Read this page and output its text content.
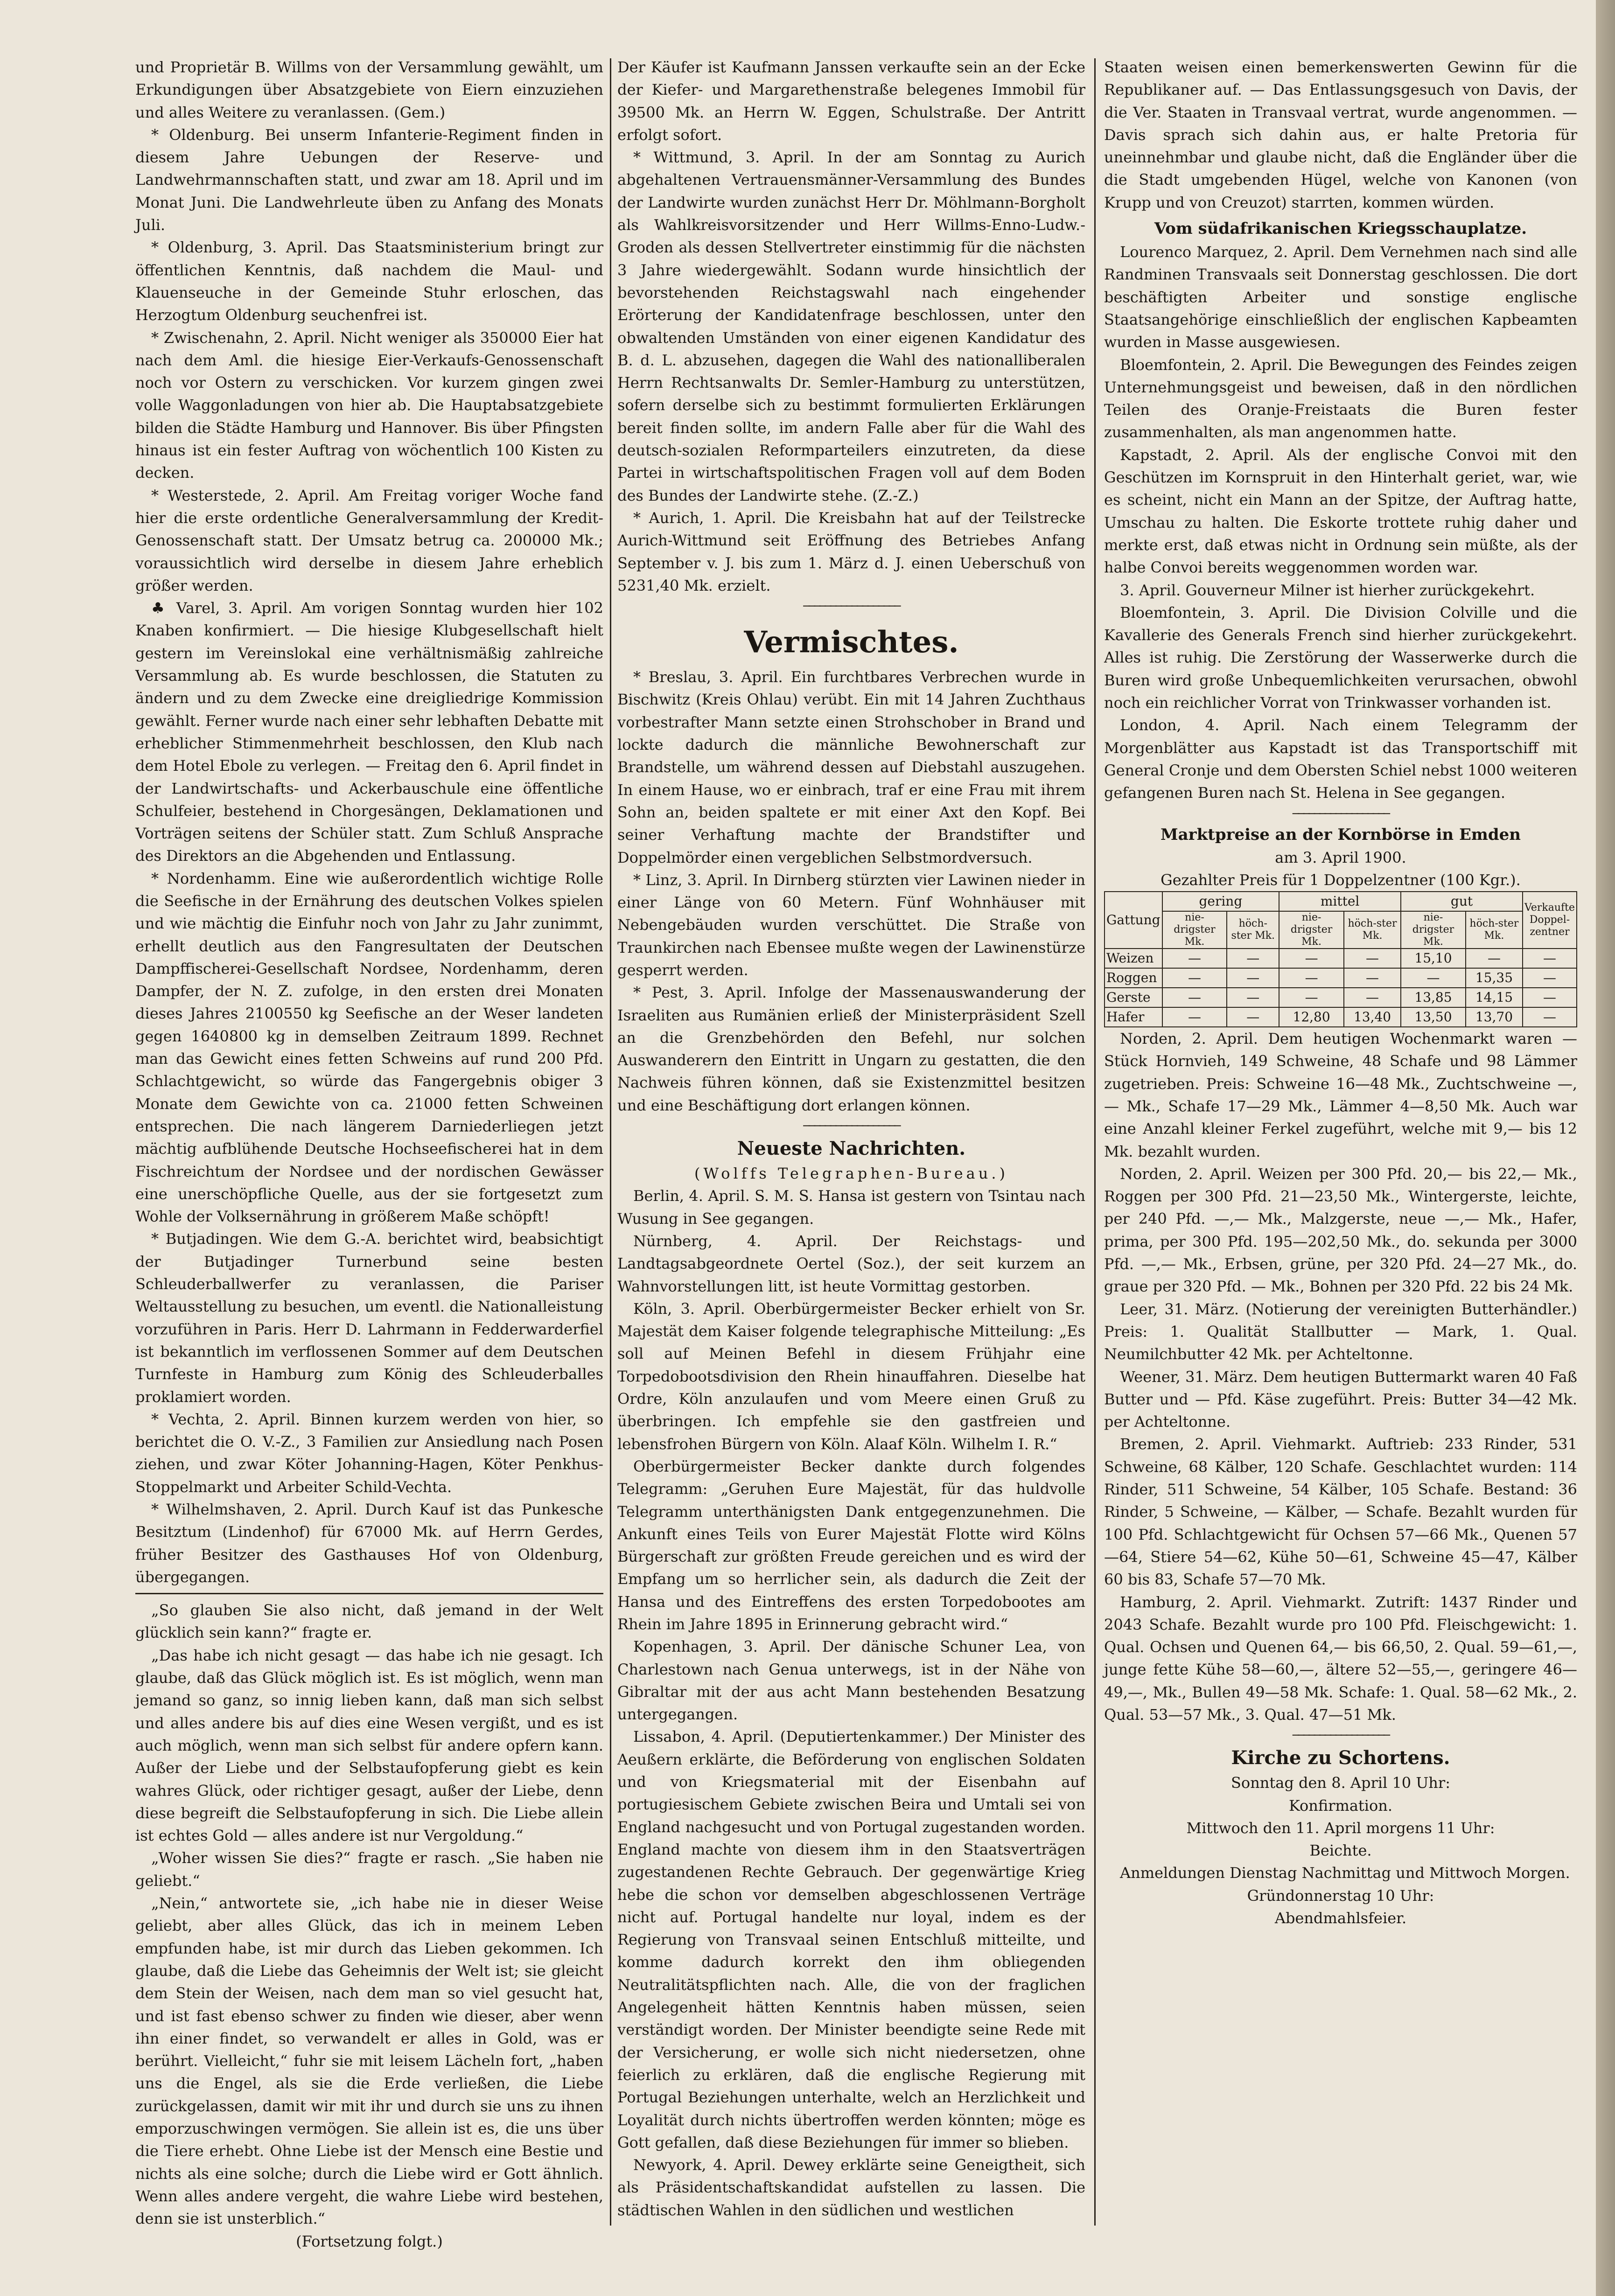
und Proprietär B. Willms von der Versammlung gewählt, um Erkundigungen über Absatzgebiete von Eiern einzuziehen und alles Weitere zu veranlassen. (Gem.)

* Oldenburg. Bei unserm Infanterie-Regiment finden in diesem Jahre Uebungen der Reserve- und Landwehrmannschaften statt, und zwar am 18. April und im Monat Juni. Die Landwehrleute üben zu Anfang des Monats Juli.

* Oldenburg, 3. April. Das Staatsministerium bringt zur öffentlichen Kenntnis, daß nachdem die Maul- und Klauenseuche in der Gemeinde Stuhr erloschen, das Herzogtum Oldenburg seuchenfrei ist.

* Zwischenahn, 2. April. Nicht weniger als 350000 Eier hat nach dem Aml. die hiesige Eier-Verkaufs-Genossenschaft noch vor Ostern zu verschicken. Vor kurzem gingen zwei volle Waggonladungen von hier ab. Die Hauptabsatzgebiete bilden die Städte Hamburg und Hannover. Bis über Pfingsten hinaus ist ein fester Auftrag von wöchentlich 100 Kisten zu decken.

* Westerstede, 2. April. Am Freitag voriger Woche fand hier die erste ordentliche Generalversammlung der Kredit-Genossenschaft statt. Der Umsatz betrug ca. 200000 Mk.; voraussichtlich wird derselbe in diesem Jahre erheblich größer werden.

♣ Varel, 3. April. Am vorigen Sonntag wurden hier 102 Knaben konfirmiert. — Die hiesige Klubgesellschaft hielt gestern im Vereinslokal eine verhältnismäßig zahlreiche Versammlung ab. Es wurde beschlossen, die Statuten zu ändern und zu dem Zwecke eine dreigliedrige Kommission gewählt. Ferner wurde nach einer sehr lebhaften Debatte mit erheblicher Stimmenmehrheit beschlossen, den Klub nach dem Hotel Ebole zu verlegen. — Freitag den 6. April findet in der Landwirtschafts- und Ackerbauschule eine öffentliche Schulfeier, bestehend in Chorgesängen, Deklamationen und Vorträgen seitens der Schüler statt. Zum Schluß Ansprache des Direktors an die Abgehenden und Entlassung.

* Nordenhamm. Eine wie außerordentlich wichtige Rolle die Seefische in der Ernährung des deutschen Volkes spielen und wie mächtig die Einfuhr noch von Jahr zu Jahr zunimmt, erhellt deutlich aus den Fangresultaten der Deutschen Dampffischerei-Gesellschaft Nordsee, Nordenhamm, deren Dampfer, der N. Z. zufolge, in den ersten drei Monaten dieses Jahres 2100550 kg Seefische an der Weser landeten gegen 1640800 kg in demselben Zeitraum 1899. Rechnet man das Gewicht eines fetten Schweins auf rund 200 Pfd. Schlachtgewicht, so würde das Fangergebnis obiger 3 Monate dem Gewichte von ca. 21000 fetten Schweinen entsprechen. Die nach längerem Darniederliegen jetzt mächtig aufblühende Deutsche Hochseefischerei hat in dem Fischreichtum der Nordsee und der nordischen Gewässer eine unerschöpfliche Quelle, aus der sie fortgesetzt zum Wohle der Volksernährung in größerem Maße schöpft!

* Butjadingen. Wie dem G.-A. berichtet wird, beabsichtigt der Butjadinger Turnerbund seine besten Schleuderballwerfer zu veranlassen, die Pariser Weltausstellung zu besuchen, um eventl. die Nationalleistung vorzuführen in Paris. Herr D. Lahrmann in Fedderwarderfiel ist bekanntlich im verflossenen Sommer auf dem Deutschen Turnfeste in Hamburg zum König des Schleuderballes proklamiert worden.

* Vechta, 2. April. Binnen kurzem werden von hier, so berichtet die O. V.-Z., 3 Familien zur Ansiedlung nach Posen ziehen, und zwar Köter Johanning-Hagen, Köter Penkhus-Stoppelmarkt und Arbeiter Schild-Vechta.

* Wilhelmshaven, 2. April. Durch Kauf ist das Punkesche Besitztum (Lindenhof) für 67000 Mk. auf Herrn Gerdes, früher Besitzer des Gasthauses Hof von Oldenburg, übergegangen.

„So glauben Sie also nicht, daß jemand in der Welt glücklich sein kann?“ fragte er.

„Das habe ich nicht gesagt — das habe ich nie gesagt. Ich glaube, daß das Glück möglich ist. Es ist möglich, wenn man jemand so ganz, so innig lieben kann, daß man sich selbst und alles andere bis auf dies eine Wesen vergißt, und es ist auch möglich, wenn man sich selbst für andere opfern kann. Außer der Liebe und der Selbstaufopferung giebt es kein wahres Glück, oder richtiger gesagt, außer der Liebe, denn diese begreift die Selbstaufopferung in sich. Die Liebe allein ist echtes Gold — alles andere ist nur Vergoldung.“

„Woher wissen Sie dies?“ fragte er rasch. „Sie haben nie geliebt.“

„Nein,“ antwortete sie, „ich habe nie in dieser Weise geliebt, aber alles Glück, das ich in meinem Leben empfunden habe, ist mir durch das Lieben gekommen. Ich glaube, daß die Liebe das Geheimnis der Welt ist; sie gleicht dem Stein der Weisen, nach dem man so viel gesucht hat, und ist fast ebenso schwer zu finden wie dieser, aber wenn ihn einer findet, so verwandelt er alles in Gold, was er berührt. Vielleicht,“ fuhr sie mit leisem Lächeln fort, „haben uns die Engel, als sie die Erde verließen, die Liebe zurückgelassen, damit wir mit ihr und durch sie uns zu ihnen emporzuschwingen vermögen. Sie allein ist es, die uns über die Tiere erhebt. Ohne Liebe ist der Mensch eine Bestie und nichts als eine solche; durch die Liebe wird er Gott ähnlich. Wenn alles andere vergeht, die wahre Liebe wird bestehen, denn sie ist unsterblich.“

(Fortsetzung folgt.)

Der Käufer ist Kaufmann Janssen verkaufte sein an der Ecke der Kiefer- und Margarethenstraße belegenes Immobil für 39500 Mk. an Herrn W. Eggen, Schulstraße. Der Antritt erfolgt sofort.

* Wittmund, 3. April. In der am Sonntag zu Aurich abgehaltenen Vertrauensmänner-Versammlung des Bundes der Landwirte wurden zunächst Herr Dr. Möhlmann-Borgholt als Wahlkreisvorsitzender und Herr Willms-Enno-Ludw.-Groden als dessen Stellvertreter einstimmig für die nächsten 3 Jahre wiedergewählt. Sodann wurde hinsichtlich der bevorstehenden Reichstagswahl nach eingehender Erörterung der Kandidatenfrage beschlossen, unter den obwaltenden Umständen von einer eigenen Kandidatur des B. d. L. abzusehen, dagegen die Wahl des nationalliberalen Herrn Rechtsanwalts Dr. Semler-Hamburg zu unterstützen, sofern derselbe sich zu bestimmt formulierten Erklärungen bereit finden sollte, im andern Falle aber für die Wahl des deutsch-sozialen Reformparteilers einzutreten, da diese Partei in wirtschaftspolitischen Fragen voll auf dem Boden des Bundes der Landwirte stehe. (Z.-Z.)

* Aurich, 1. April. Die Kreisbahn hat auf der Teilstrecke Aurich-Wittmund seit Eröffnung des Betriebes Anfang September v. J. bis zum 1. März d. J. einen Ueberschuß von 5231,40 Mk. erzielt.

──────────────────
Vermischtes.

* Breslau, 3. April. Ein furchtbares Verbrechen wurde in Bischwitz (Kreis Ohlau) verübt. Ein mit 14 Jahren Zuchthaus vorbestrafter Mann setzte einen Strohschober in Brand und lockte dadurch die männliche Bewohnerschaft zur Brandstelle, um während dessen auf Diebstahl auszugehen. In einem Hause, wo er einbrach, traf er eine Frau mit ihrem Sohn an, beiden spaltete er mit einer Axt den Kopf. Bei seiner Verhaftung machte der Brandstifter und Doppelmörder einen vergeblichen Selbstmordversuch.

* Linz, 3. April. In Dirnberg stürzten vier Lawinen nieder in einer Länge von 60 Metern. Fünf Wohnhäuser mit Nebengebäuden wurden verschüttet. Die Straße von Traunkirchen nach Ebensee mußte wegen der Lawinenstürze gesperrt werden.

* Pest, 3. April. Infolge der Massenauswanderung der Israeliten aus Rumänien erließ der Ministerpräsident Szell an die Grenzbehörden den Befehl, nur solchen Auswanderern den Eintritt in Ungarn zu gestatten, die den Nachweis führen können, daß sie Existenzmittel besitzen und eine Beschäftigung dort erlangen können.

──────────────────
Neueste Nachrichten.

(Wolffs Telegraphen-Bureau.)

Berlin, 4. April. S. M. S. Hansa ist gestern von Tsintau nach Wusung in See gegangen.

Nürnberg, 4. April. Der Reichstags- und Landtagsabgeordnete Oertel (Soz.), der seit kurzem an Wahnvorstellungen litt, ist heute Vormittag gestorben.

Köln, 3. April. Oberbürgermeister Becker erhielt von Sr. Majestät dem Kaiser folgende telegraphische Mitteilung: „Es soll auf Meinen Befehl in diesem Frühjahr eine Torpedobootsdivision den Rhein hinauffahren. Dieselbe hat Ordre, Köln anzulaufen und vom Meere einen Gruß zu überbringen. Ich empfehle sie den gastfreien und lebensfrohen Bürgern von Köln. Alaaf Köln. Wilhelm I. R.“

Oberbürgermeister Becker dankte durch folgendes Telegramm: „Geruhen Eure Majestät, für das huldvolle Telegramm unterthänigsten Dank entgegenzunehmen. Die Ankunft eines Teils von Eurer Majestät Flotte wird Kölns Bürgerschaft zur größten Freude gereichen und es wird der Empfang um so herrlicher sein, als dadurch die Zeit der Hansa und des Eintreffens des ersten Torpedobootes am Rhein im Jahre 1895 in Erinnerung gebracht wird.“

Kopenhagen, 3. April. Der dänische Schuner Lea, von Charlestown nach Genua unterwegs, ist in der Nähe von Gibraltar mit der aus acht Mann bestehenden Besatzung untergegangen.

Lissabon, 4. April. (Deputiertenkammer.) Der Minister des Aeußern erklärte, die Beförderung von englischen Soldaten und von Kriegsmaterial mit der Eisenbahn auf portugiesischem Gebiete zwischen Beira und Umtali sei von England nachgesucht und von Portugal zugestanden worden. England machte von diesem ihm in den Staatsverträgen zugestandenen Rechte Gebrauch. Der gegenwärtige Krieg hebe die schon vor demselben abgeschlossenen Verträge nicht auf. Portugal handelte nur loyal, indem es der Regierung von Transvaal seinen Entschluß mitteilte, und komme dadurch korrekt den ihm obliegenden Neutralitätspflichten nach. Alle, die von der fraglichen Angelegenheit hätten Kenntnis haben müssen, seien verständigt worden. Der Minister beendigte seine Rede mit der Versicherung, er wolle sich nicht niedersetzen, ohne feierlich zu erklären, daß die englische Regierung mit Portugal Beziehungen unterhalte, welch an Herzlichkeit und Loyalität durch nichts übertroffen werden könnten; möge es Gott gefallen, daß diese Beziehungen für immer so blieben.

Newyork, 4. April. Dewey erklärte seine Geneigtheit, sich als Präsidentschaftskandidat aufstellen zu lassen. Die städtischen Wahlen in den südlichen und westlichen

Staaten weisen einen bemerkenswerten Gewinn für die Republikaner auf. — Das Entlassungsgesuch von Davis, der die Ver. Staaten in Transvaal vertrat, wurde angenommen. — Davis sprach sich dahin aus, er halte Pretoria für uneinnehmbar und glaube nicht, daß die Engländer über die die Stadt umgebenden Hügel, welche von Kanonen (von Krupp und von Creuzot) starrten, kommen würden.

Vom südafrikanischen Kriegsschauplatze.

Lourenco Marquez, 2. April. Dem Vernehmen nach sind alle Randminen Transvaals seit Donnerstag geschlossen. Die dort beschäftigten Arbeiter und sonstige englische Staatsangehörige einschließlich der englischen Kapbeamten wurden in Masse ausgewiesen.

Bloemfontein, 2. April. Die Bewegungen des Feindes zeigen Unternehmungsgeist und beweisen, daß in den nördlichen Teilen des Oranje-Freistaats die Buren fester zusammenhalten, als man angenommen hatte.

Kapstadt, 2. April. Als der englische Convoi mit den Geschützen im Kornspruit in den Hinterhalt geriet, war, wie es scheint, nicht ein Mann an der Spitze, der Auftrag hatte, Umschau zu halten. Die Eskorte trottete ruhig daher und merkte erst, daß etwas nicht in Ordnung sein müßte, als der halbe Convoi bereits weggenommen worden war.

3. April. Gouverneur Milner ist hierher zurückgekehrt.

Bloemfontein, 3. April. Die Division Colville und die Kavallerie des Generals French sind hierher zurückgekehrt. Alles ist ruhig. Die Zerstörung der Wasserwerke durch die Buren wird große Unbequemlichkeiten verursachen, obwohl noch ein reichlicher Vorrat von Trinkwasser vorhanden ist.

London, 4. April. Nach einem Telegramm der Morgenblätter aus Kapstadt ist das Transportschiff mit General Cronje und dem Obersten Schiel nebst 1000 weiteren gefangenen Buren nach St. Helena in See gegangen.

──────────────────
Marktpreise an der Kornbörse in Emden

am 3. April 1900.

Gezahlter Preis für 1 Doppelzentner (100 Kgr.).

Gattung	gering		mittel		gut		Verkaufte Doppel-zentner
	nie-drigster Mk.	höch-ster Mk.	nie-drigster Mk.	höch-ster Mk.	nie-drigster Mk.	höch-ster Mk.	
Weizen	—	—	—	—	15,10	—	—
Roggen	—	—	—	—	—	15,35	—
Gerste	—	—	—	—	13,85	14,15	—
Hafer	—	—	12,80	13,40	13,50	13,70	—

Norden, 2. April. Dem heutigen Wochenmarkt waren — Stück Hornvieh, 149 Schweine, 48 Schafe und 98 Lämmer zugetrieben. Preis: Schweine 16—48 Mk., Zuchtschweine —,— Mk., Schafe 17—29 Mk., Lämmer 4—8,50 Mk. Auch war eine Anzahl kleiner Ferkel zugeführt, welche mit 9,— bis 12 Mk. bezahlt wurden.

Norden, 2. April. Weizen per 300 Pfd. 20,— bis 22,— Mk., Roggen per 300 Pfd. 21—23,50 Mk., Wintergerste, leichte, per 240 Pfd. —,— Mk., Malzgerste, neue —,— Mk., Hafer, prima, per 300 Pfd. 195—202,50 Mk., do. sekunda per 3000 Pfd. —,— Mk., Erbsen, grüne, per 320 Pfd. 24—27 Mk., do. graue per 320 Pfd. — Mk., Bohnen per 320 Pfd. 22 bis 24 Mk.

Leer, 31. März. (Notierung der vereinigten Butterhändler.) Preis: 1. Qualität Stallbutter — Mark, 1. Qual. Neumilchbutter 42 Mk. per Achteltonne.

Weener, 31. März. Dem heutigen Buttermarkt waren 40 Faß Butter und — Pfd. Käse zugeführt. Preis: Butter 34—42 Mk. per Achteltonne.

Bremen, 2. April. Viehmarkt. Auftrieb: 233 Rinder, 531 Schweine, 68 Kälber, 120 Schafe. Geschlachtet wurden: 114 Rinder, 511 Schweine, 54 Kälber, 105 Schafe. Bestand: 36 Rinder, 5 Schweine, — Kälber, — Schafe. Bezahlt wurden für 100 Pfd. Schlachtgewicht für Ochsen 57—66 Mk., Quenen 57—64, Stiere 54—62, Kühe 50—61, Schweine 45—47, Kälber 60 bis 83, Schafe 57—70 Mk.

Hamburg, 2. April. Viehmarkt. Zutrift: 1437 Rinder und 2043 Schafe. Bezahlt wurde pro 100 Pfd. Fleischgewicht: 1. Qual. Ochsen und Quenen 64,— bis 66,50, 2. Qual. 59—61,—, junge fette Kühe 58—60,—, ältere 52—55,—, geringere 46—49,—, Mk., Bullen 49—58 Mk. Schafe: 1. Qual. 58—62 Mk., 2. Qual. 53—57 Mk., 3. Qual. 47—51 Mk.

──────────────────
Kirche zu Schortens.

Sonntag den 8. April 10 Uhr:

Konfirmation.

Mittwoch den 11. April morgens 11 Uhr:

Beichte.

Anmeldungen Dienstag Nachmittag und Mittwoch Morgen.

Gründonnerstag 10 Uhr:

Abendmahlsfeier.
